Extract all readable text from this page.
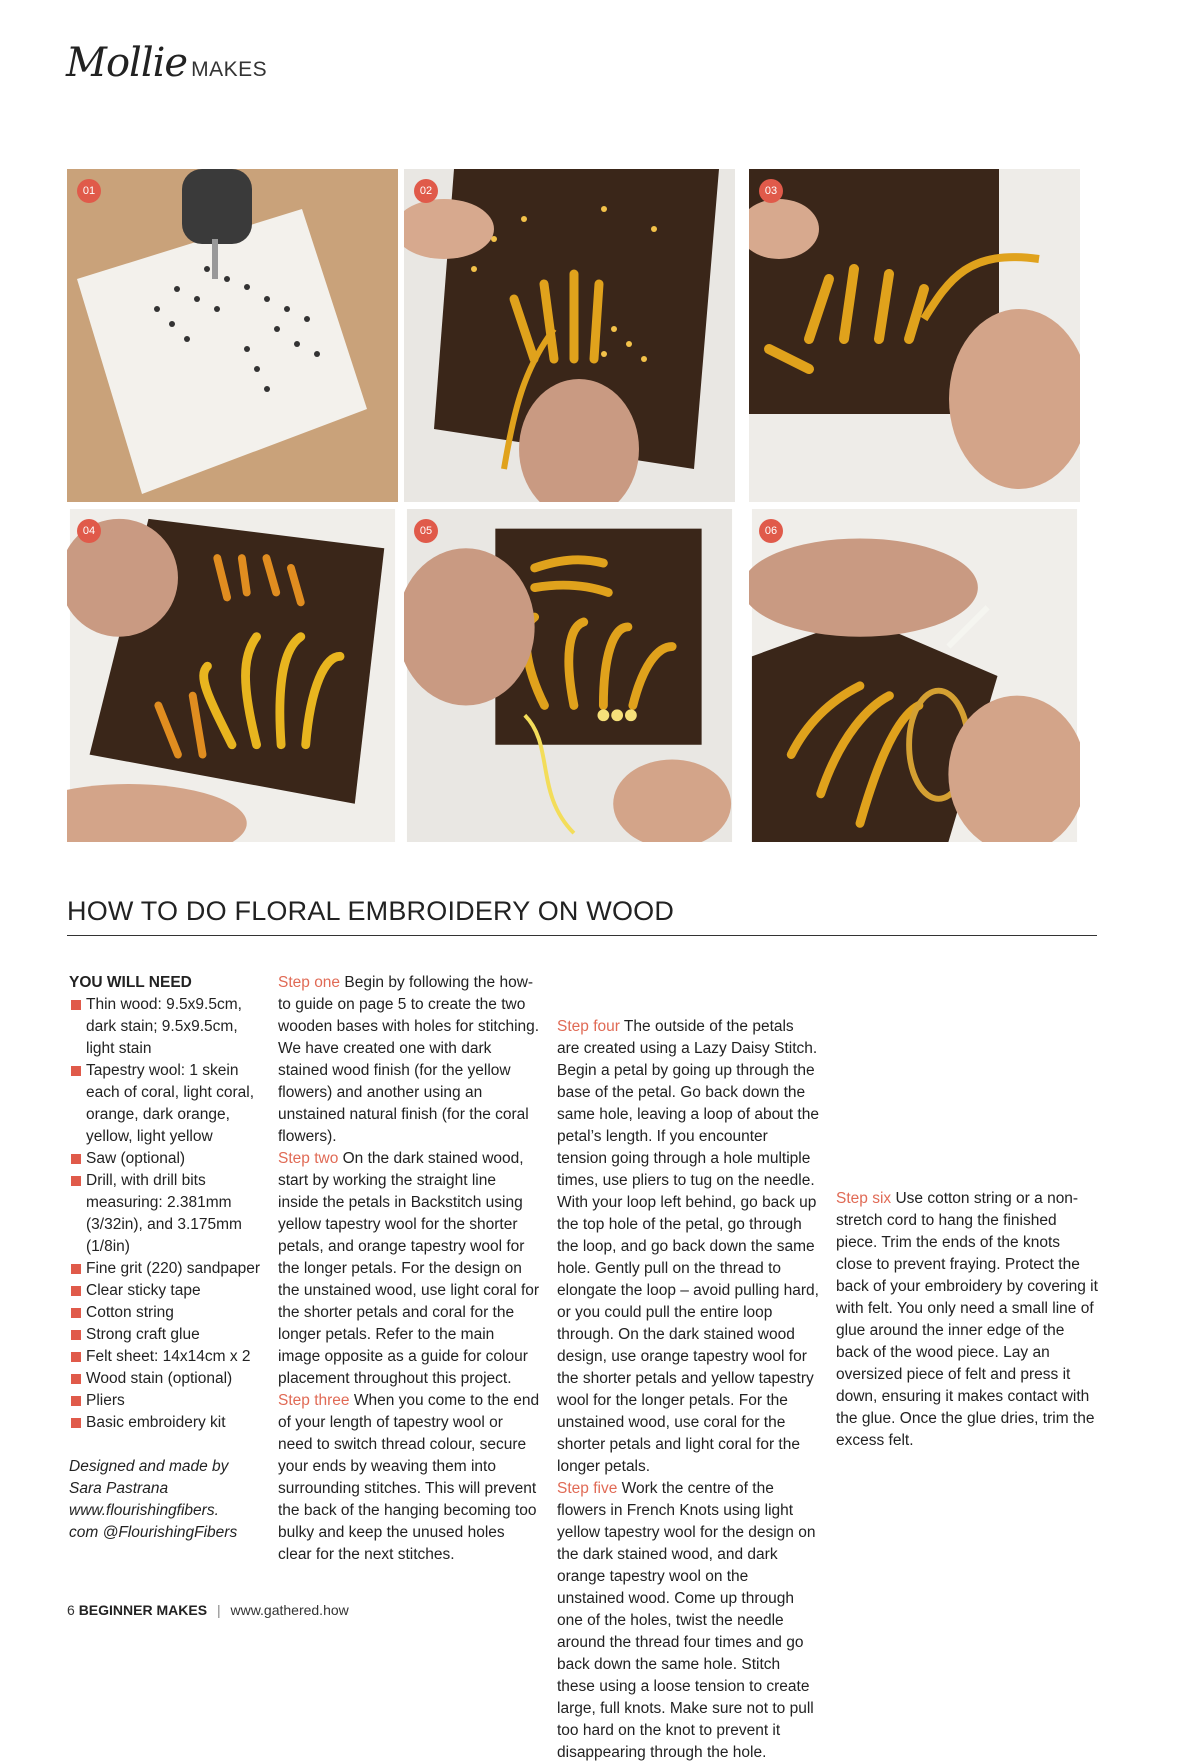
Mollie MAKES
01	02	03
04	05	06
HOW TO DO FLORAL EMBROIDERY ON WOOD

YOU WILL NEED

Thin wood: 9.5x9.5cm, dark stain; 9.5x9.5cm, light stain
Tapestry wool: 1 skein each of coral, light coral, orange, dark orange, yellow, light yellow
Saw (optional)
Drill, with drill bits measuring: 2.381mm (3/32in), and 3.175mm (1/8in)
Fine grit (220) sandpaper
Clear sticky tape
Cotton string
Strong craft glue
Felt sheet: 14x14cm x 2
Wood stain (optional)
Pliers
Basic embroidery kit
Designed and made by
Sara Pastrana
www.flourishingfibers.
com @FlourishingFibers

Step one Begin by following the how-to guide on page 5 to create the two wooden bases with holes for stitching. We have created one with dark stained wood finish (for the yellow flowers) and another using an unstained natural finish (for the coral flowers).

Step two On the dark stained wood, start by working the straight line inside the petals in Backstitch using yellow tapestry wool for the shorter petals, and orange tapestry wool for the longer petals. For the design on the unstained wood, use light coral for the shorter petals and coral for the longer petals. Refer to the main image opposite as a guide for colour placement throughout this project.

Step three When you come to the end of your length of tapestry wool or need to switch thread colour, secure your ends by weaving them into surrounding stitches. This will prevent the back of the hanging becoming too bulky and keep the unused holes clear for the next stitches.

Step four The outside of the petals are created using a Lazy Daisy Stitch. Begin a petal by going up through the base of the petal. Go back down the same hole, leaving a loop of about the petal’s length. If you encounter tension going through a hole multiple times, use pliers to tug on the needle. With your loop left behind, go back up the top hole of the petal, go through the loop, and go back down the same hole. Gently pull on the thread to elongate the loop – avoid pulling hard, or you could pull the entire loop through. On the dark stained wood design, use orange tapestry wool for the shorter petals and yellow tapestry wool for the longer petals. For the unstained wood, use coral for the shorter petals and light coral for the longer petals.

Step five Work the centre of the flowers in French Knots using light yellow tapestry wool for the design on the dark stained wood, and dark orange tapestry wool on the unstained wood. Come up through one of the holes, twist the needle around the thread four times and go back down the same hole. Stitch these using a loose tension to create large, full knots. Make sure not to pull too hard on the knot to prevent it disappearing through the hole.

Step six Use cotton string or a non-stretch cord to hang the finished piece. Trim the ends of the knots close to prevent fraying. Protect the back of your embroidery by covering it with felt. You only need a small line of glue around the inner edge of the back of the wood piece. Lay an oversized piece of felt and press it down, ensuring it makes contact with the glue. Once the glue dries, trim the excess felt.

6 BEGINNER MAKES | www.gathered.how
